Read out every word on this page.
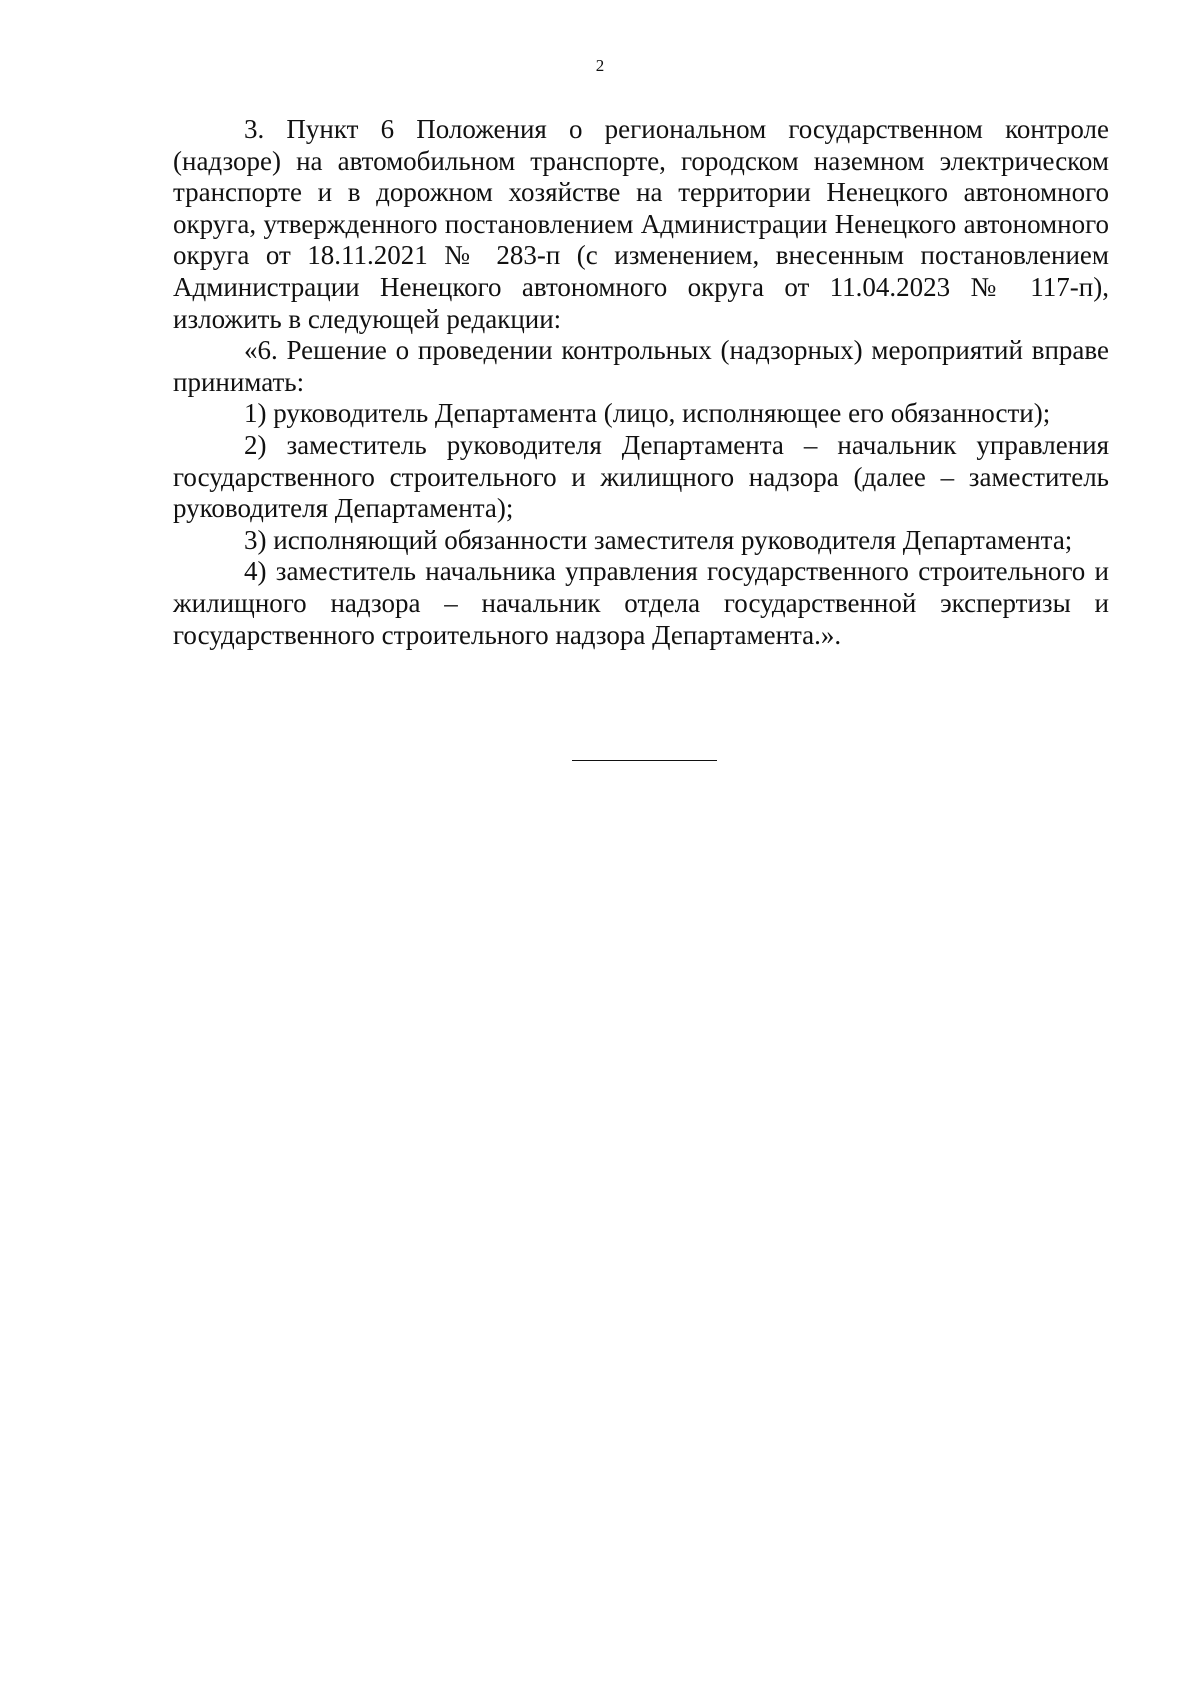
2

3. Пункт 6 Положения о региональном государственном контроле (надзоре) на автомобильном транспорте, городском наземном электрическом транспорте и в дорожном хозяйстве на территории Ненецкого автономного округа, утвержденного постановлением Администрации Ненецкого автономного округа от 18.11.2021 № 283-п (с изменением, внесенным постановлением Администрации Ненецкого автономного округа от 11.04.2023 № 117-п), изложить в следующей редакции:

«6. Решение о проведении контрольных (надзорных) мероприятий вправе принимать:

1) руководитель Департамента (лицо, исполняющее его обязанности);

2) заместитель руководителя Департамента – начальник управления государственного строительного и жилищного надзора (далее – заместитель руководителя Департамента);

3) исполняющий обязанности заместителя руководителя Департамента;

4) заместитель начальника управления государственного строительного и жилищного надзора – начальник отдела государственной экспертизы и государственного строительного надзора Департамента.».
